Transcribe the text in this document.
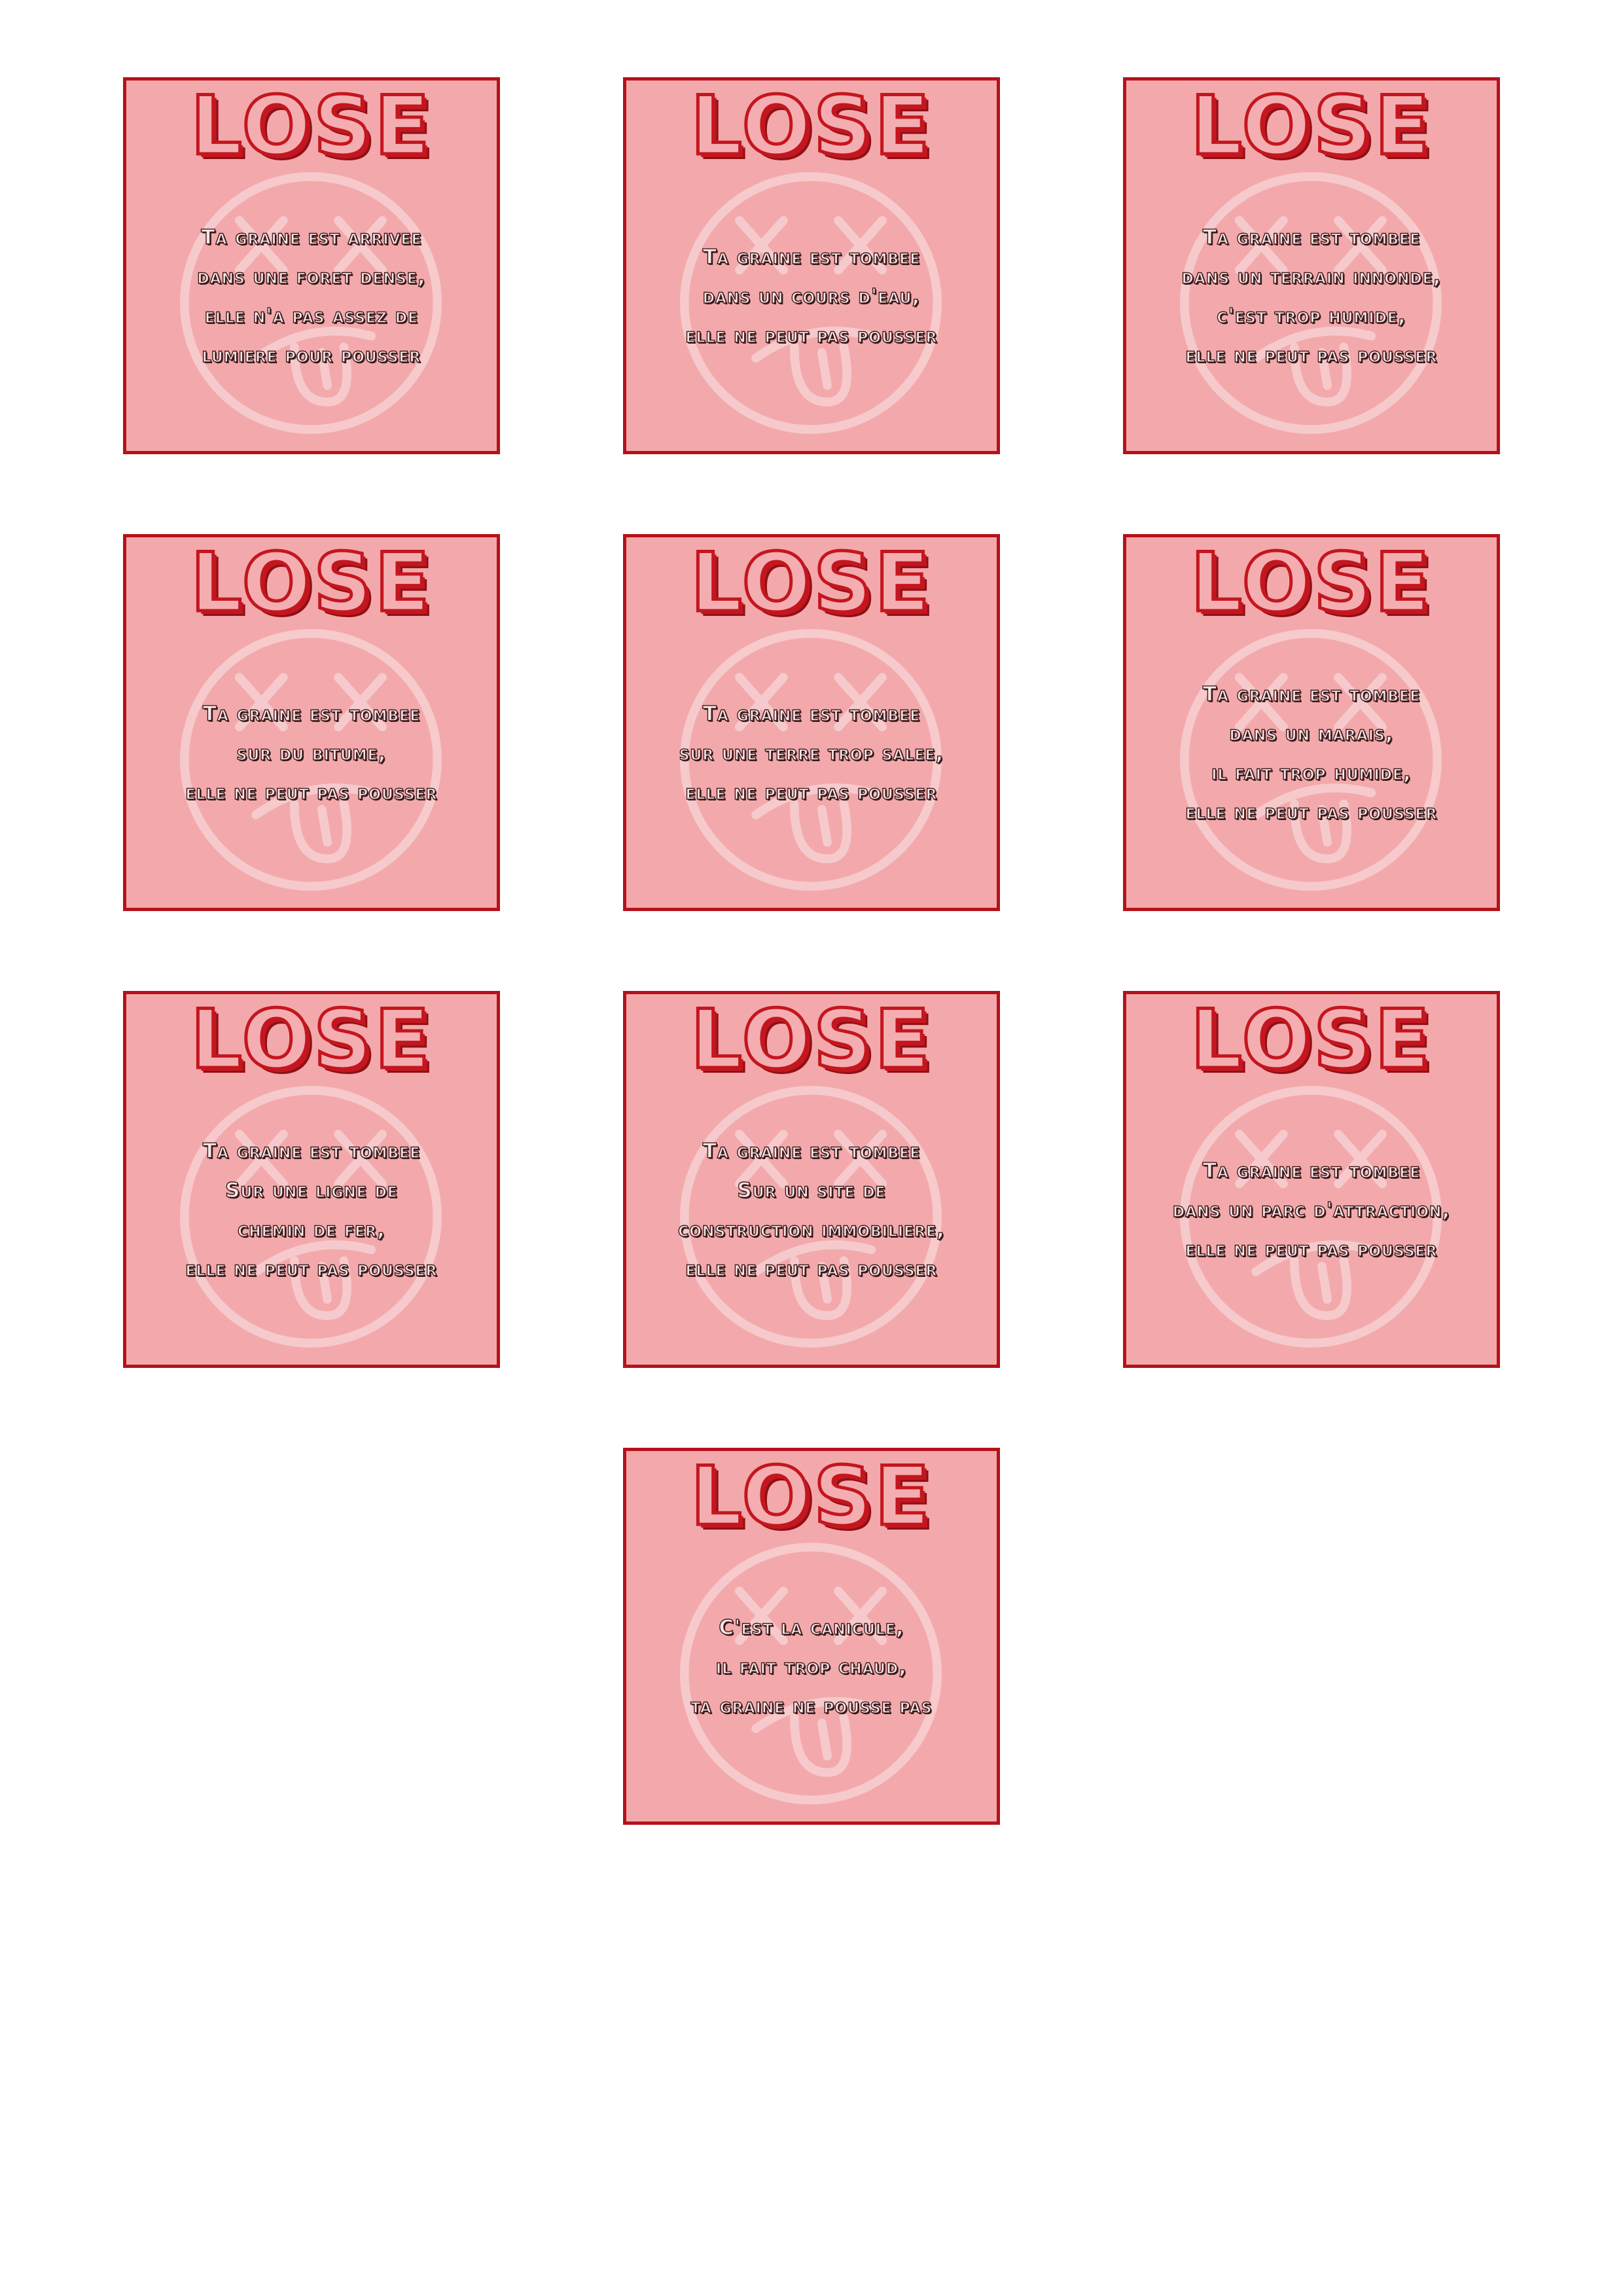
LOSE
Ta graine est arrivee
dans une foret dense,
elle n'a pas assez de
lumiere pour pousser
LOSE
Ta graine est tombee
dans un cours d'eau,
elle ne peut pas pousser
LOSE
Ta graine est tombee
dans un terrain innonde,
c'est trop humide,
elle ne peut pas pousser
LOSE
Ta graine est tombee
sur du bitume,
elle ne peut pas pousser
LOSE
Ta graine est tombee
sur une terre trop salee,
elle ne peut pas pousser
LOSE
Ta graine est tombee
dans un marais,
il fait trop humide,
elle ne peut pas pousser
LOSE
Ta graine est tombee
Sur une ligne de
chemin de fer,
elle ne peut pas pousser
LOSE
Ta graine est tombee
Sur un site de
construction immobiliere,
elle ne peut pas pousser
LOSE
Ta graine est tombee
dans un parc d'attraction,
elle ne peut pas pousser
LOSE
C'est la canicule,
il fait trop chaud,
ta graine ne pousse pas
